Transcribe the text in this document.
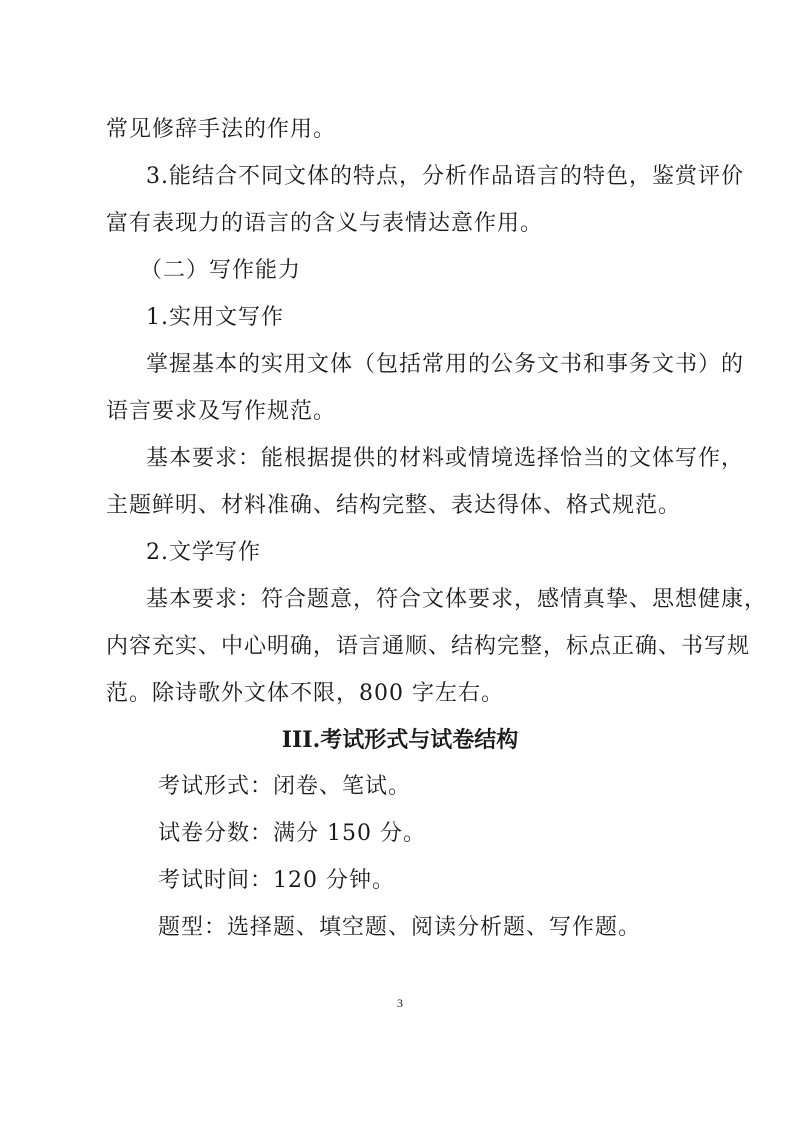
常见修辞手法的作用。
3.能结合不同文体的特点，分析作品语言的特色，鉴赏评价
富有表现力的语言的含义与表情达意作用。
（二）写作能力
1.实用文写作
掌握基本的实用文体（包括常用的公务文书和事务文书）的
语言要求及写作规范。
基本要求：能根据提供的材料或情境选择恰当的文体写作，
主题鲜明、材料准确、结构完整、表达得体、格式规范。
2.文学写作
基本要求：符合题意，符合文体要求，感情真挚、思想健康，
内容充实、中心明确，语言通顺、结构完整，标点正确、书写规
范。除诗歌外文体不限，800 字左右。
III.考试形式与试卷结构
考试形式：闭卷、笔试。
试卷分数：满分 150 分。
考试时间：120 分钟。
题型：选择题、填空题、阅读分析题、写作题。
3
